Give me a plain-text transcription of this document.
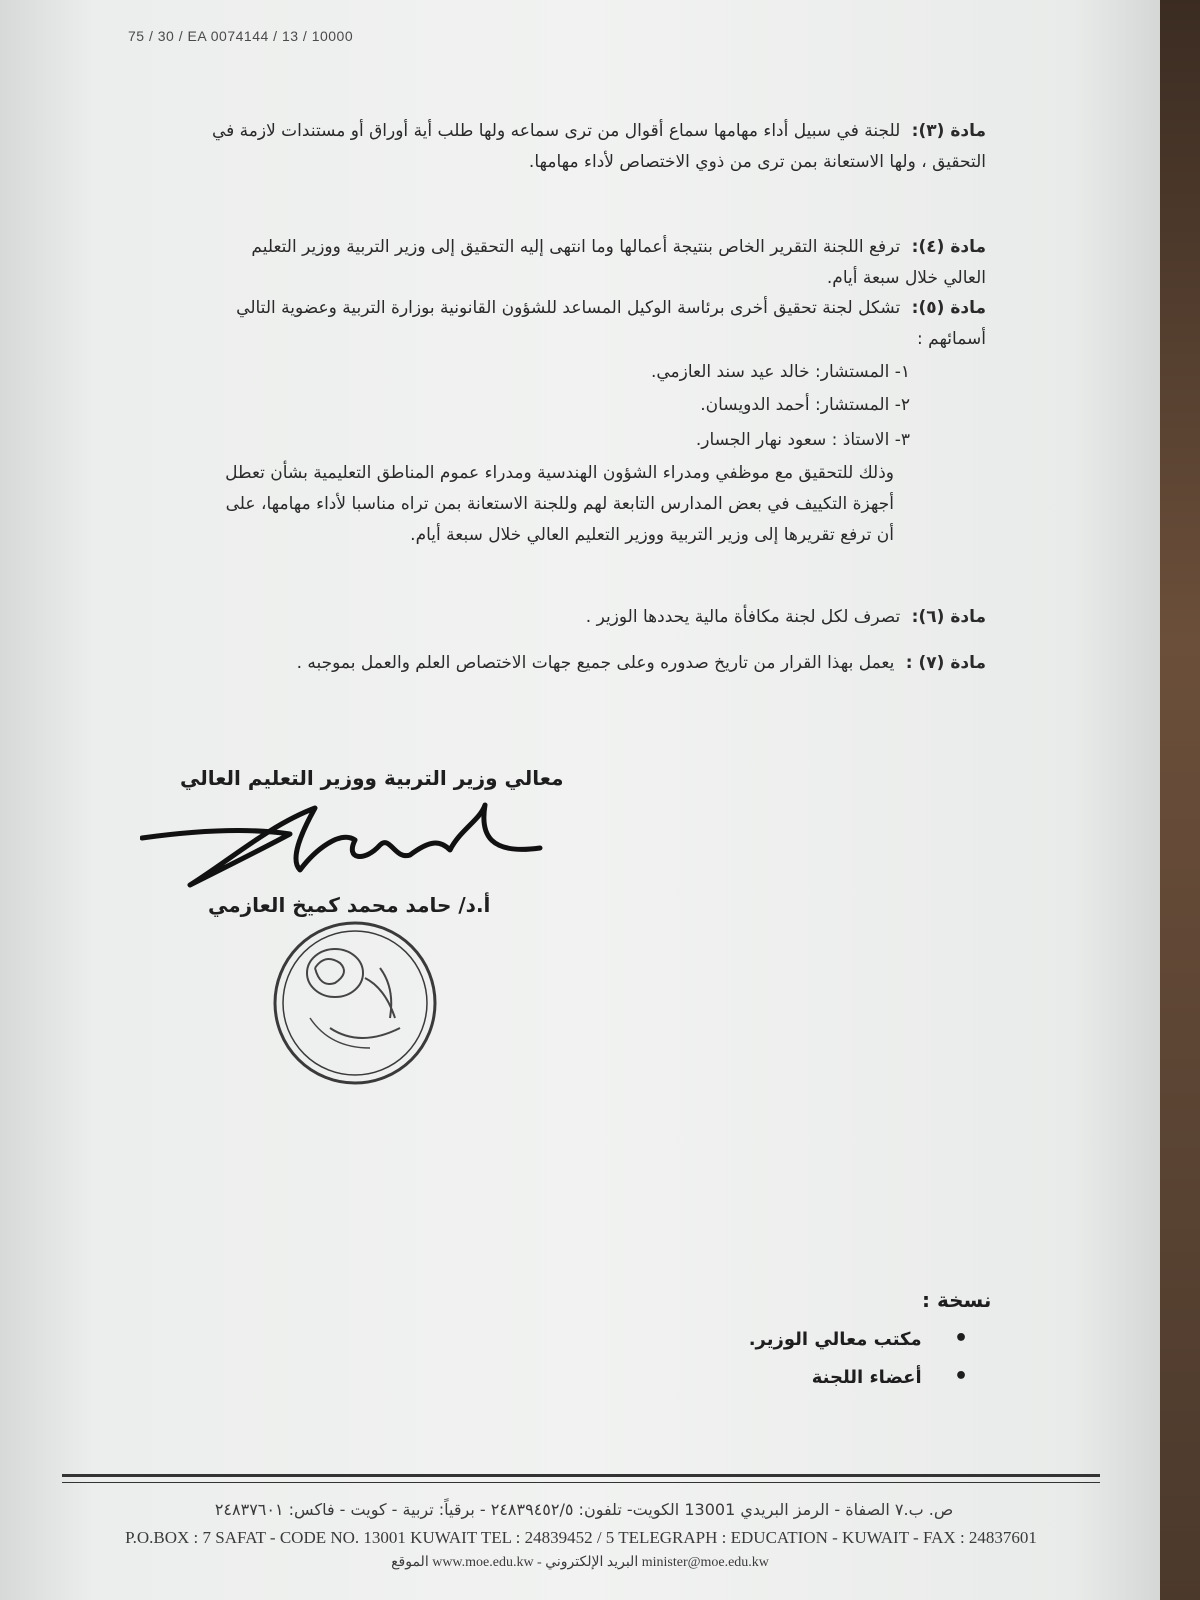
75 / 30 / EA 0074144 / 13 / 10000
مادة (٣): للجنة في سبيل أداء مهامها سماع أقوال من ترى سماعه ولها طلب أية أوراق أو مستندات لازمة في التحقيق ، ولها الاستعانة بمن ترى من ذوي الاختصاص لأداء مهامها.
مادة (٤): ترفع اللجنة التقرير الخاص بنتيجة أعمالها وما انتهى إليه التحقيق إلى وزير التربية ووزير التعليم العالي خلال سبعة أيام.
مادة (٥): تشكل لجنة تحقيق أخرى برئاسة الوكيل المساعد للشؤون القانونية بوزارة التربية وعضوية التالي أسمائهم :
١- المستشار: خالد عيد سند العازمي.
٢- المستشار: أحمد الدويسان.
٣- الاستاذ : سعود نهار الجسار.
وذلك للتحقيق مع موظفي ومدراء الشؤون الهندسية ومدراء عموم المناطق التعليمية بشأن تعطل أجهزة التكييف في بعض المدارس التابعة لهم وللجنة الاستعانة بمن تراه مناسبا لأداء مهامها، على أن ترفع تقريرها إلى وزير التربية ووزير التعليم العالي خلال سبعة أيام.
مادة (٦): تصرف لكل لجنة مكافأة مالية يحددها الوزير .
مادة (٧) : يعمل بهذا القرار من تاريخ صدوره وعلى جميع جهات الاختصاص العلم والعمل بموجبه .
معالي وزير التربية ووزير التعليم العالي
أ.د/ حامد محمد كميخ العازمي
نسخة :
• مكتب معالي الوزير.
• أعضاء اللجنة
ص. ب.٧ الصفاة - الرمز البريدي 13001 الكويت- تلفون: ٢٤٨٣٩٤٥٢/٥ - برقياً: تربية - كويت - فاكس: ٢٤٨٣٧٦٠١
P.O.BOX : 7 SAFAT - CODE NO. 13001 KUWAIT TEL : 24839452 / 5 TELEGRAPH : EDUCATION - KUWAIT - FAX : 24837601
الموقع www.moe.edu.kw - البريد الإلكتروني minister@moe.edu.kw
